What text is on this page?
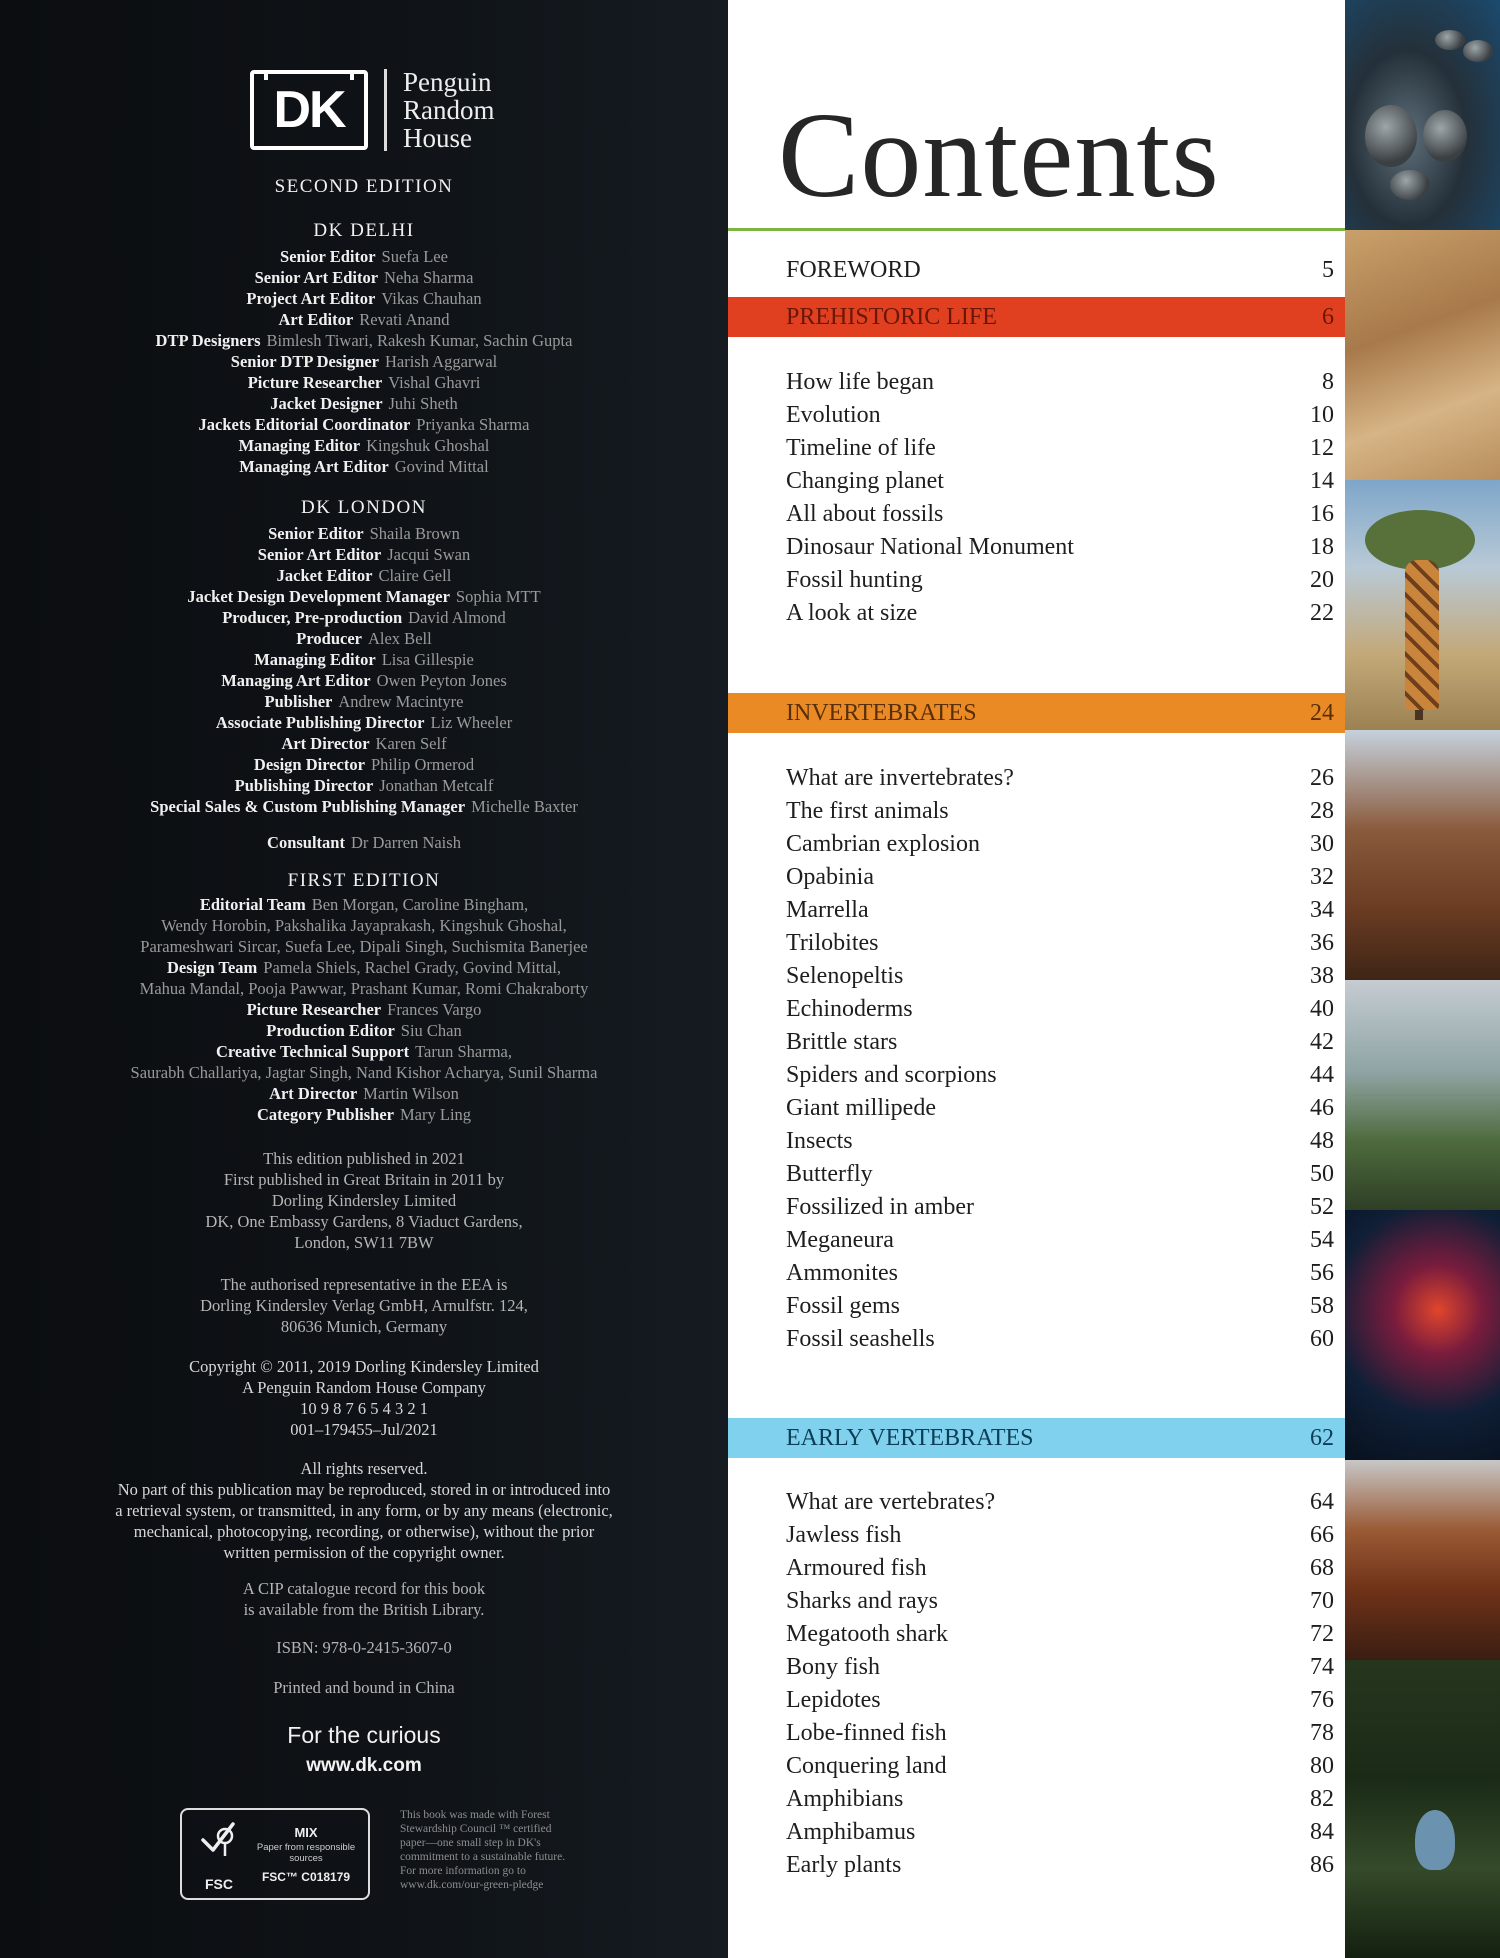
DK	Penguin
Random
House
SECOND EDITION
DK DELHI
Senior Editor Suefa Lee
Senior Art Editor Neha Sharma
Project Art Editor Vikas Chauhan
Art Editor Revati Anand
DTP Designers Bimlesh Tiwari, Rakesh Kumar, Sachin Gupta
Senior DTP Designer Harish Aggarwal
Picture Researcher Vishal Ghavri
Jacket Designer Juhi Sheth
Jackets Editorial Coordinator Priyanka Sharma
Managing Editor Kingshuk Ghoshal
Managing Art Editor Govind Mittal
DK LONDON
Senior Editor Shaila Brown
Senior Art Editor Jacqui Swan
Jacket Editor Claire Gell
Jacket Design Development Manager Sophia MTT
Producer, Pre-production David Almond
Producer Alex Bell
Managing Editor Lisa Gillespie
Managing Art Editor Owen Peyton Jones
Publisher Andrew Macintyre
Associate Publishing Director Liz Wheeler
Art Director Karen Self
Design Director Philip Ormerod
Publishing Director Jonathan Metcalf
Special Sales & Custom Publishing Manager Michelle Baxter
Consultant Dr Darren Naish
FIRST EDITION
Editorial Team Ben Morgan, Caroline Bingham,
Wendy Horobin, Pakshalika Jayaprakash, Kingshuk Ghoshal,
Parameshwari Sircar, Suefa Lee, Dipali Singh, Suchismita Banerjee
Design Team Pamela Shiels, Rachel Grady, Govind Mittal,
Mahua Mandal, Pooja Pawwar, Prashant Kumar, Romi Chakraborty
Picture Researcher Frances Vargo
Production Editor Siu Chan
Creative Technical Support Tarun Sharma,
Saurabh Challariya, Jagtar Singh, Nand Kishor Acharya, Sunil Sharma
Art Director Martin Wilson
Category Publisher Mary Ling
This edition published in 2021
First published in Great Britain in 2011 by
Dorling Kindersley Limited
DK, One Embassy Gardens, 8 Viaduct Gardens,
London, SW11 7BW
The authorised representative in the EEA is
Dorling Kindersley Verlag GmbH, Arnulfstr. 124,
80636 Munich, Germany
Copyright © 2011, 2019 Dorling Kindersley Limited
A Penguin Random House Company
10 9 8 7 6 5 4 3 2 1
001–179455–Jul/2021
All rights reserved.
No part of this publication may be reproduced, stored in or introduced into
a retrieval system, or transmitted, in any form, or by any means (electronic,
mechanical, photocopying, recording, or otherwise), without the prior
written permission of the copyright owner.
A CIP catalogue record for this book
is available from the British Library.
ISBN: 978-0-2415-3607-0
Printed and bound in China
For the curious
www.dk.com
FSC
MIX
Paper from responsible sources
FSC™ C018179
This book was made with Forest
Stewardship Council ™ certified
paper—one small step in DK's
commitment to a sustainable future.
For more information go to
www.dk.com/our-green-pledge
Contents
FOREWORD	5
PREHISTORIC LIFE	6
How life began	8
Evolution	10
Timeline of life	12
Changing planet	14
All about fossils	16
Dinosaur National Monument	18
Fossil hunting	20
A look at size	22
INVERTEBRATES	24
What are invertebrates?	26
The first animals	28
Cambrian explosion	30
Opabinia	32
Marrella	34
Trilobites	36
Selenopeltis	38
Echinoderms	40
Brittle stars	42
Spiders and scorpions	44
Giant millipede	46
Insects	48
Butterfly	50
Fossilized in amber	52
Meganeura	54
Ammonites	56
Fossil gems	58
Fossil seashells	60
EARLY VERTEBRATES	62
What are vertebrates?	64
Jawless fish	66
Armoured fish	68
Sharks and rays	70
Megatooth shark	72
Bony fish	74
Lepidotes	76
Lobe-finned fish	78
Conquering land	80
Amphibians	82
Amphibamus	84
Early plants	86
